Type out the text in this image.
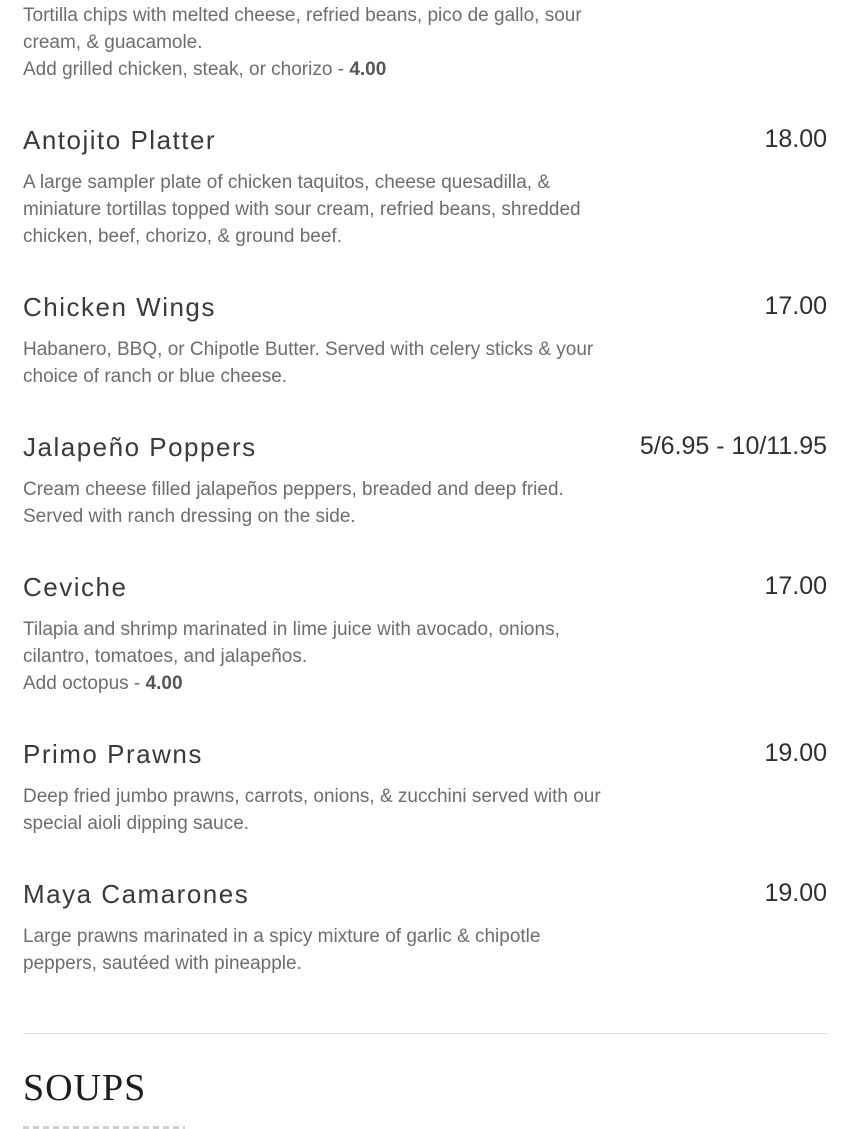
Tortilla chips with melted cheese, refried beans, pico de gallo, sour
cream, & guacamole.
Add grilled chicken, steak, or chorizo - 4.00
Antojito Platter	18.00
A large sampler plate of chicken taquitos, cheese quesadilla, &
miniature tortillas topped with sour cream, refried beans, shredded
chicken, beef, chorizo, & ground beef.
Chicken Wings	17.00
Habanero, BBQ, or Chipotle Butter. Served with celery sticks & your
choice of ranch or blue cheese.
Jalapeño Poppers	5/6.95 - 10/11.95
Cream cheese filled jalapeños peppers, breaded and deep fried.
Served with ranch dressing on the side.
Ceviche	17.00
Tilapia and shrimp marinated in lime juice with avocado, onions,
cilantro, tomatoes, and jalapeños.
Add octopus - 4.00
Primo Prawns	19.00
Deep fried jumbo prawns, carrots, onions, & zucchini served with our
special aioli dipping sauce.
Maya Camarones	19.00
Large prawns marinated in a spicy mixture of garlic & chipotle
peppers, sautéed with pineapple.
SOUPS
